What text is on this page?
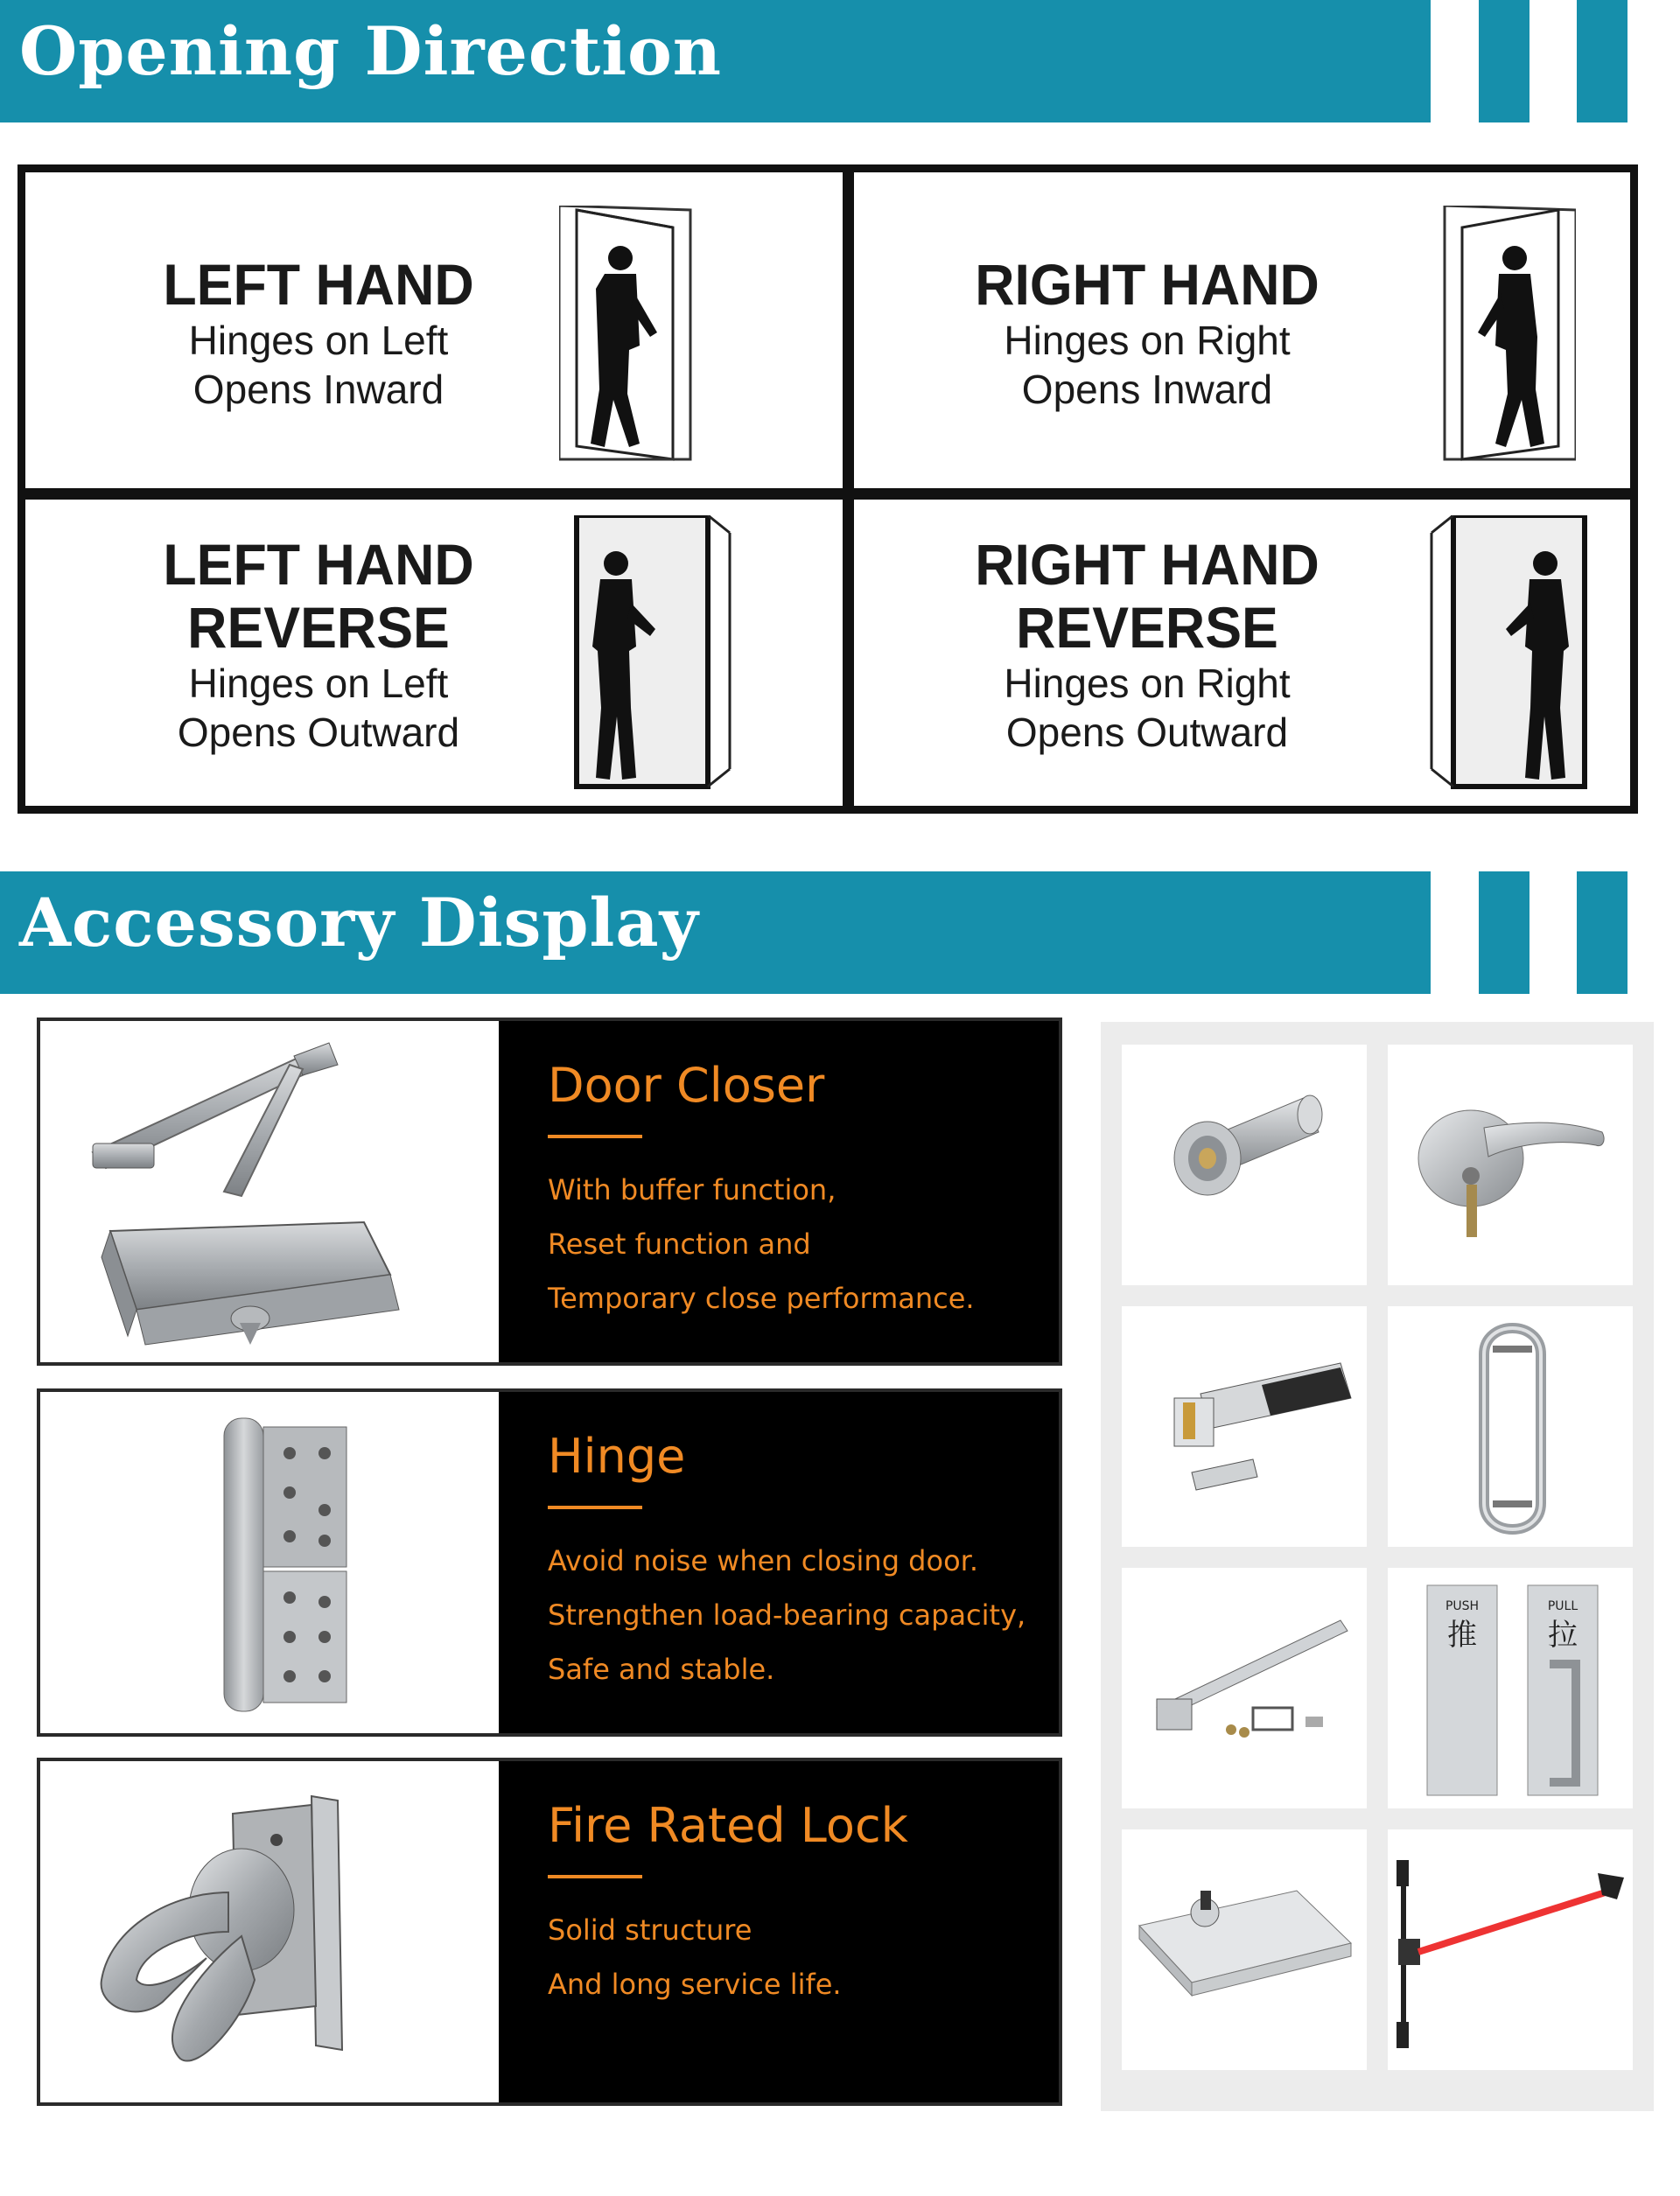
Opening Direction
LEFT HAND
Hinges on Left
Opens Inward
RIGHT HAND
Hinges on Right
Opens Inward
LEFT HAND
REVERSE
Hinges on Left
Opens Outward
RIGHT HAND
REVERSE
Hinges on Right
Opens Outward
Accessory Display
Door Closer
With buffer function,
Reset function and
Temporary close performance.
Hinge
Avoid noise when closing door.
Strengthen load-bearing capacity,
Safe and stable.
Fire Rated Lock
Solid structure
And long service life.
PUSH
推
PULL
拉
